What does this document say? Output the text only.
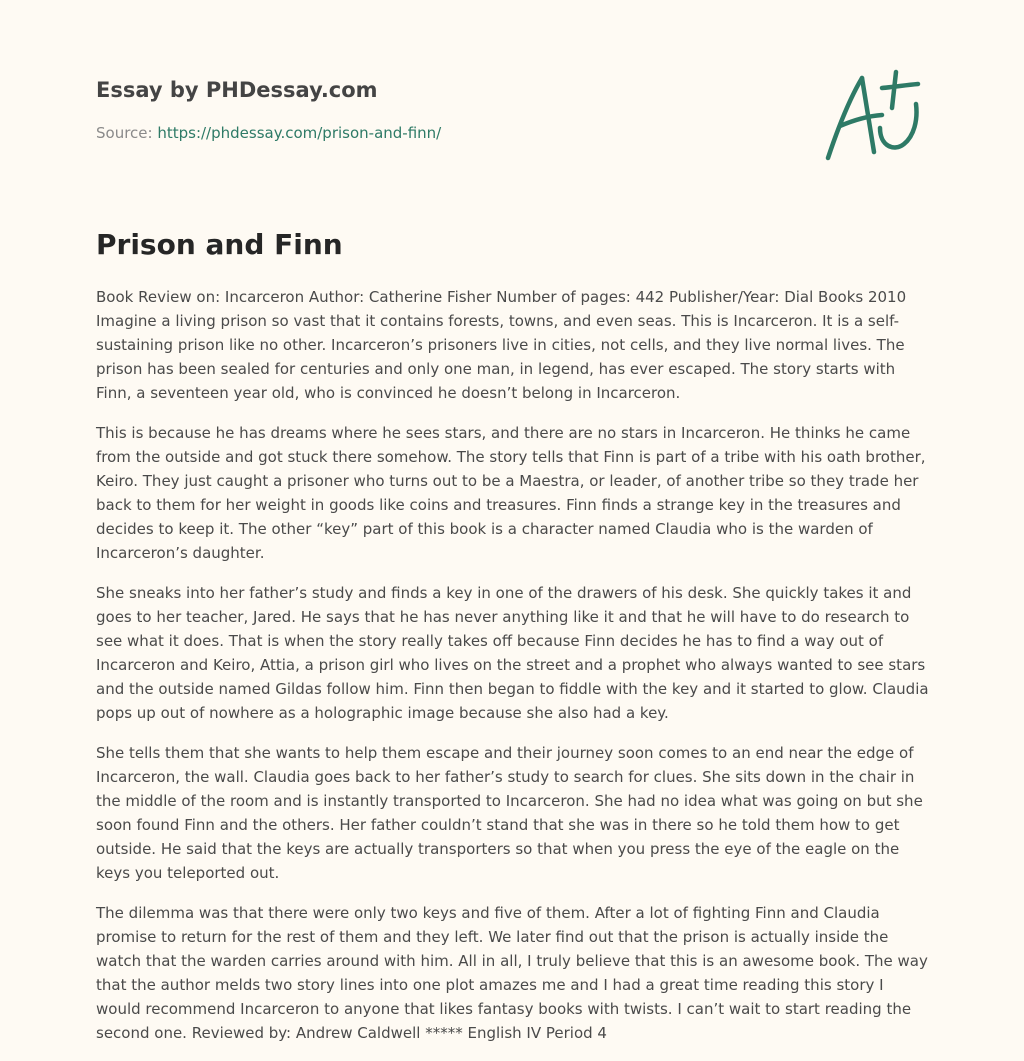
Essay by PHDessay.com

Source: https://phdessay.com/prison-and-finn/

Prison and Finn

Book Review on: Incarceron Author: Catherine Fisher Number of pages: 442 Publisher/Year: Dial Books 2010 Imagine a living prison so vast that it contains forests, towns, and even seas. This is Incarceron. It is a self-sustaining prison like no other. Incarceron’s prisoners live in cities, not cells, and they live normal lives. The prison has been sealed for centuries and only one man, in legend, has ever escaped. The story starts with Finn, a seventeen year old, who is convinced he doesn’t belong in Incarceron.

This is because he has dreams where he sees stars, and there are no stars in Incarceron. He thinks he came from the outside and got stuck there somehow. The story tells that Finn is part of a tribe with his oath brother, Keiro. They just caught a prisoner who turns out to be a Maestra, or leader, of another tribe so they trade her back to them for her weight in goods like coins and treasures. Finn finds a strange key in the treasures and decides to keep it. The other “key” part of this book is a character named Claudia who is the warden of Incarceron’s daughter.

She sneaks into her father’s study and finds a key in one of the drawers of his desk. She quickly takes it and goes to her teacher, Jared. He says that he has never anything like it and that he will have to do research to see what it does. That is when the story really takes off because Finn decides he has to find a way out of Incarceron and Keiro, Attia, a prison girl who lives on the street and a prophet who always wanted to see stars and the outside named Gildas follow him. Finn then began to fiddle with the key and it started to glow. Claudia pops up out of nowhere as a holographic image because she also had a key.

She tells them that she wants to help them escape and their journey soon comes to an end near the edge of Incarceron, the wall. Claudia goes back to her father’s study to search for clues. She sits down in the chair in the middle of the room and is instantly transported to Incarceron. She had no idea what was going on but she soon found Finn and the others. Her father couldn’t stand that she was in there so he told them how to get outside. He said that the keys are actually transporters so that when you press the eye of the eagle on the keys you teleported out.

The dilemma was that there were only two keys and five of them. After a lot of fighting Finn and Claudia promise to return for the rest of them and they left. We later find out that the prison is actually inside the watch that the warden carries around with him. All in all, I truly believe that this is an awesome book. The way that the author melds two story lines into one plot amazes me and I had a great time reading this story I would recommend Incarceron to anyone that likes fantasy books with twists. I can’t wait to start reading the second one. Reviewed by: Andrew Caldwell ***** English IV Period 4
